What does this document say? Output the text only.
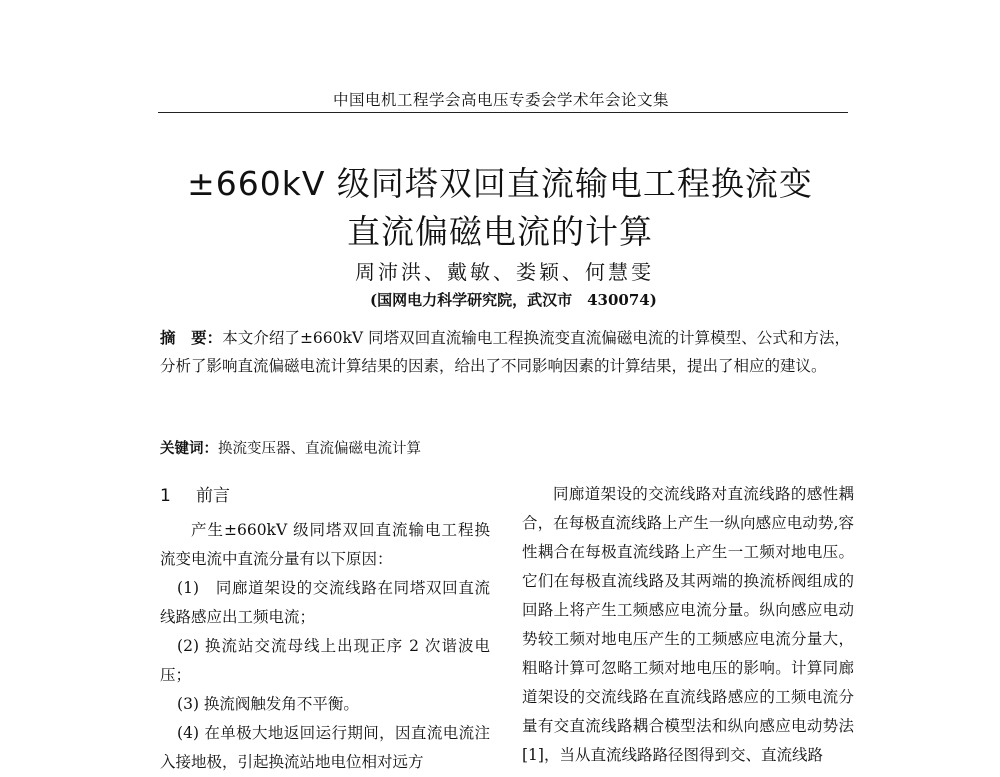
中国电机工程学会高电压专委会学术年会论文集
±660kV 级同塔双回直流输电工程换流变
直流偏磁电流的计算
周沛洪、戴敏、娄颖、何慧雯
(国网电力科学研究院，武汉市　430074)
摘　要：本文介绍了±660kV 同塔双回直流输电工程换流变直流偏磁电流的计算模型、公式和方法，分析了影响直流偏磁电流计算结果的因素，给出了不同影响因素的计算结果，提出了相应的建议。
关键词：换流变压器、直流偏磁电流计算
1 前言

产生±660kV 级同塔双回直流输电工程换流变电流中直流分量有以下原因：

(1)　同廊道架设的交流线路在同塔双回直流线路感应出工频电流；

(2) 换流站交流母线上出现正序 2 次谐波电压；

(3) 换流阀触发角不平衡。

(4) 在单极大地返回运行期间，因直流电流注入接地极，引起换流站地电位相对远方

同廊道架设的交流线路对直流线路的感性耦合，在每极直流线路上产生一纵向感应电动势,容性耦合在每极直流线路上产生一工频对地电压。它们在每极直流线路及其两端的换流桥阀组成的回路上将产生工频感应电流分量。纵向感应电动势较工频对地电压产生的工频感应电流分量大，粗略计算可忽略工频对地电压的影响。计算同廊道架设的交流线路在直流线路感应的工频电流分量有交直流线路耦合模型法和纵向感应电动势法[1]，当从直流线路路径图得到交、直流线路
